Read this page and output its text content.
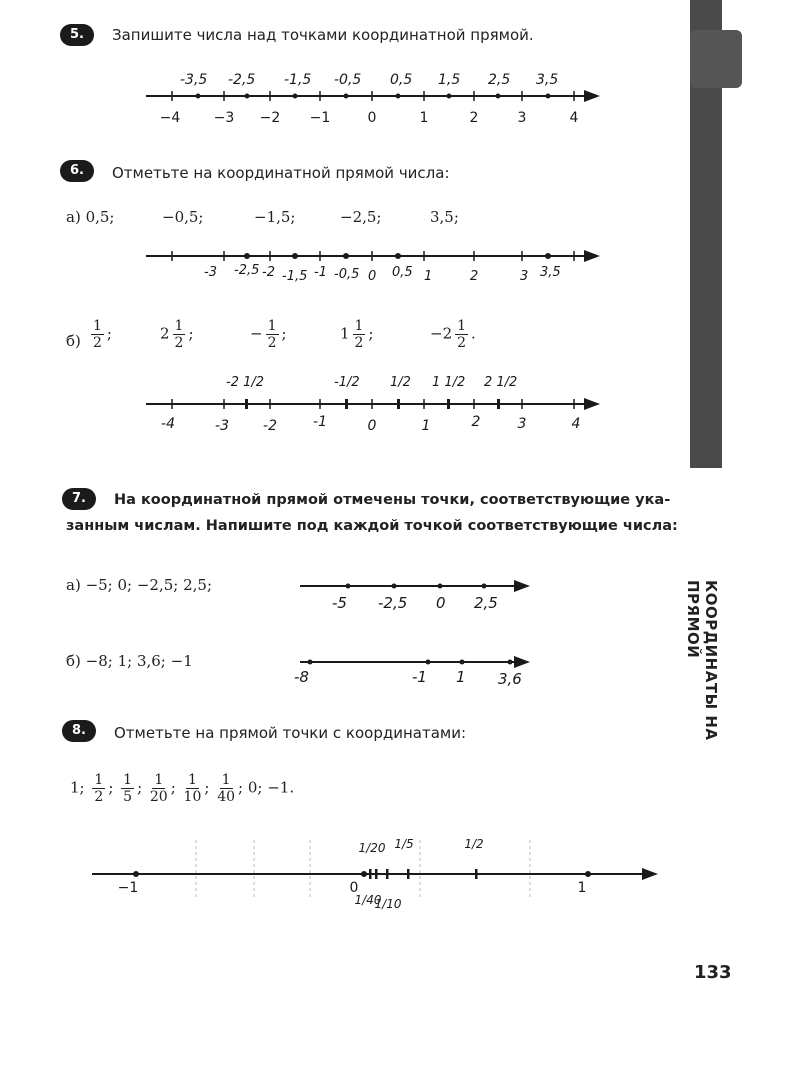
КООРДИНАТЫ НА ПРЯМОЙ
133
5.	Запишите числа над точками координатной прямой.
-3,5 -2,5 -1,5 -0,5 0,5 1,5 2,5 3,5
−4 −3 −2 −1	0	1	2	3	4
6.	Отметьте на координатной прямой числа:
а) 0,5;	−0,5;	−1,5;	−2,5;	3,5;
-3 -2,5 -2 -1,5 -1 -0,5 0 0,5 1	2	3 3,5
$б) \frac{1}{2}$ ;	$2 \frac{1}{2}$ ;	− $\frac{1}{2}$ ;	$1 \frac{1}{2}$ ;	$-2 \frac{1}{2}$ .
-2 1/2	-1/2 1/2 1 1/2 2 1/2
-4	-3 -2	-1	0	1	2	3	4
7.	На координатной прямой отмечены точки, соответствующие ука-
занным числам. Напишите под каждой точкой соответствующие числа:
а) −5; 0; −2,5; 2,5;
-5 -2,5 0 2,5
б) −8; 1; 3,6; −1
-8	-1 1 3,6
8.	Отметьте на прямой точки с координатами:
1; $\frac{1}{2}$ ; $\frac{1}{5}$ ; $\frac{1}{20}$ ; $\frac{1}{10}$ ; $\frac{1}{40}$ ; 0; −1.
1/20 1/5	1/2
−1	0	1
1/40
1/10
